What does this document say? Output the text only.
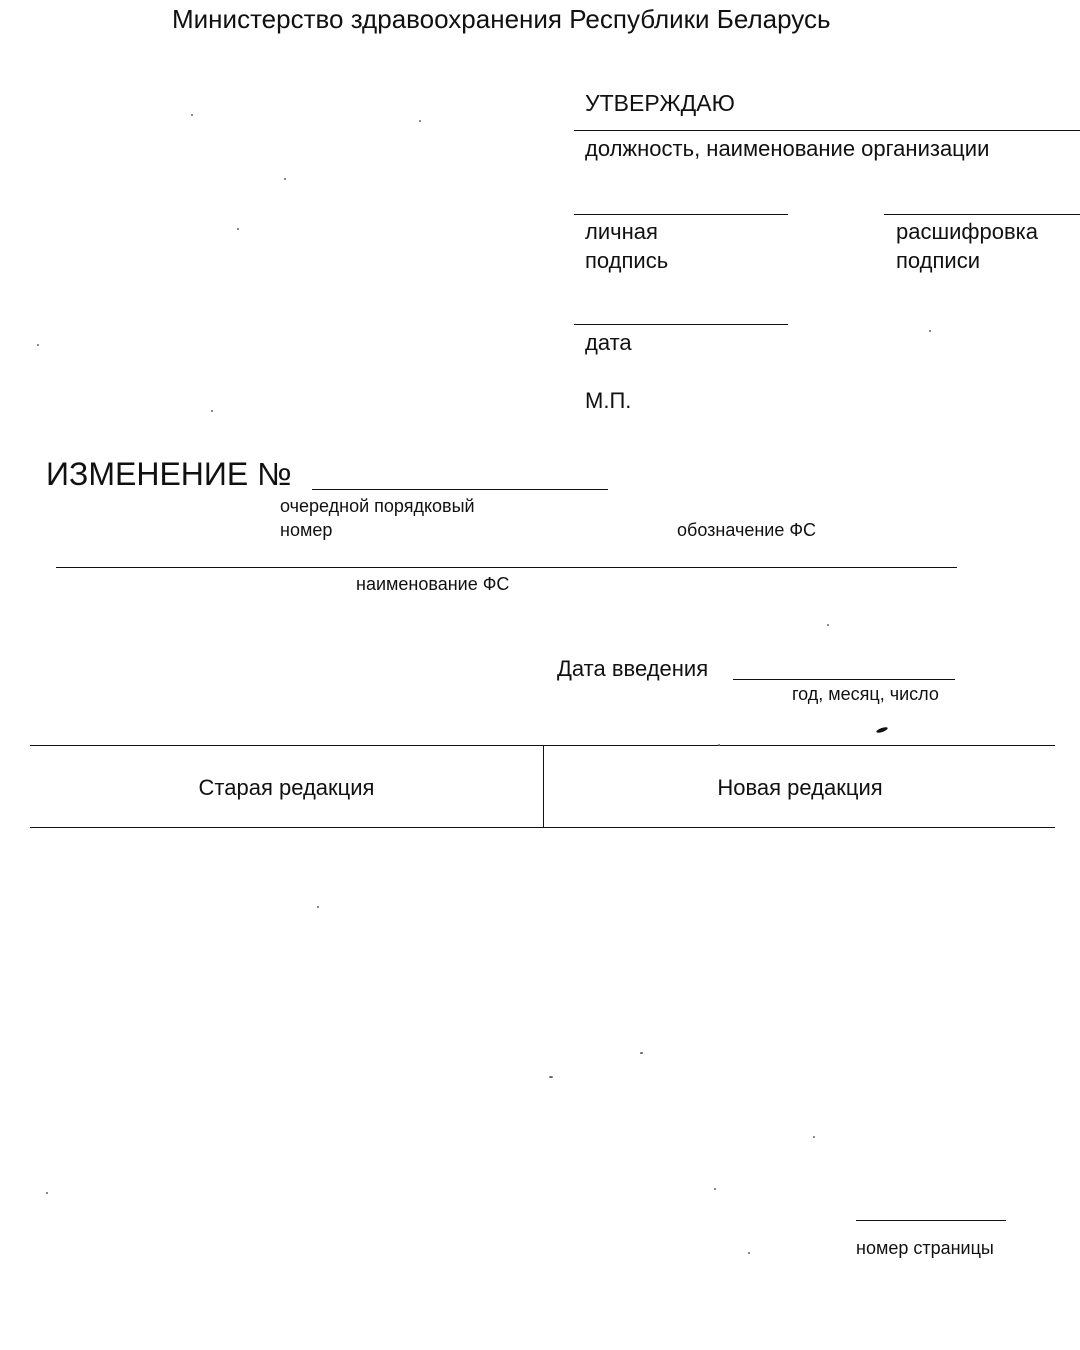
Министерство здравоохранения Республики Беларусь
УТВЕРЖДАЮ
должность, наименование организации
личная
подпись
расшифровка
подписи
дата
М.П.
ИЗМЕНЕНИЕ №
очередной порядковый
номер	обозначение ФС
наименование ФС
Дата введения
год, месяц, число
Старая редакция	Новая редакция
номер страницы
